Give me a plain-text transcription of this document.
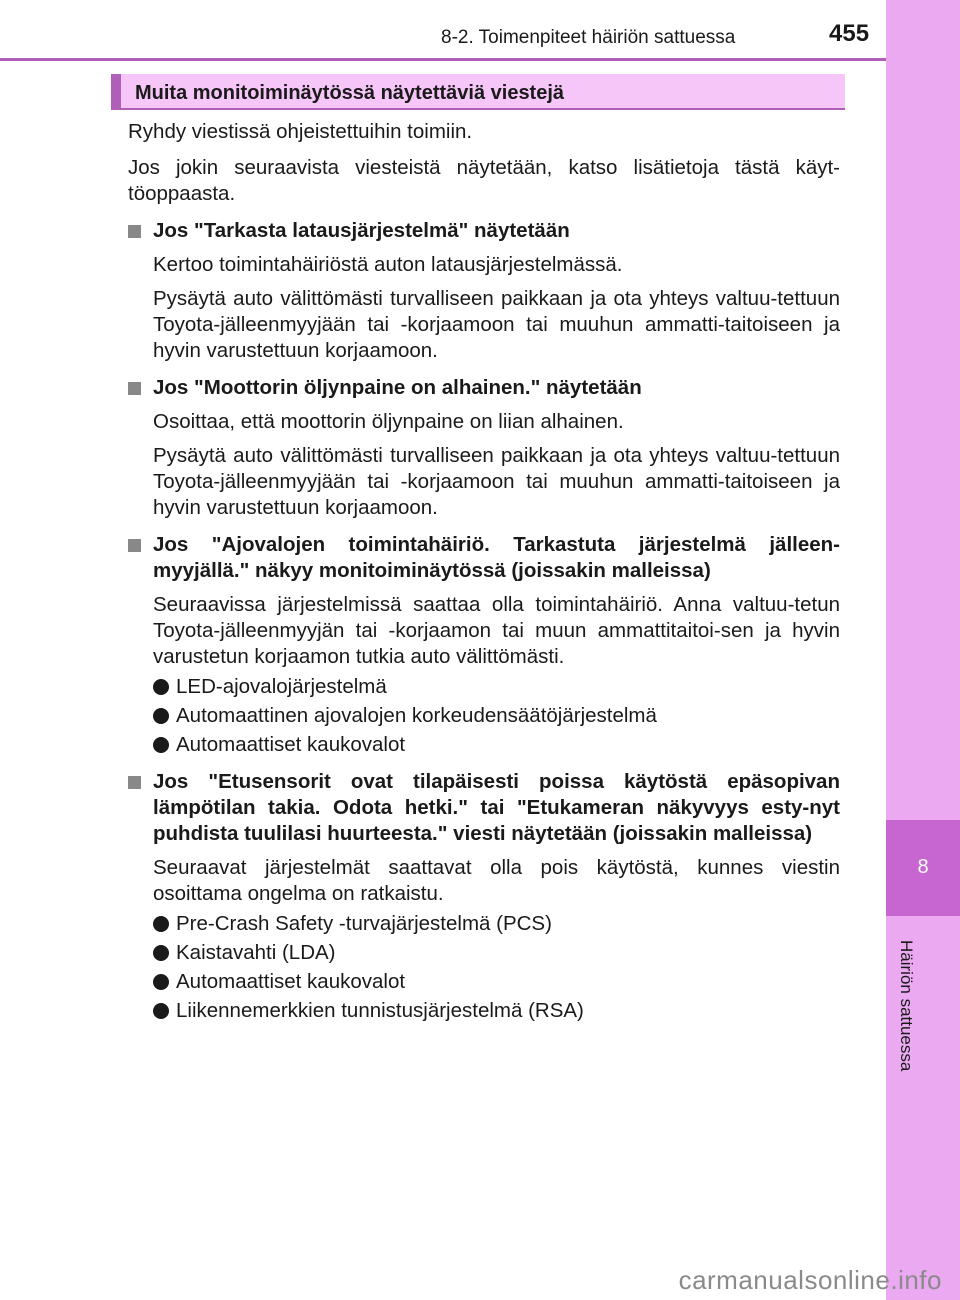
8-2. Toimenpiteet häiriön sattuessa	455
8
Häiriön sattuessa
Muita monitoiminäytössä näytettäviä viestejä

Ryhdy viestissä ohjeistettuihin toimiin.

Jos jokin seuraavista viesteistä näytetään, katso lisätietoja tästä käyt-töoppaasta.

Jos "Tarkasta latausjärjestelmä" näytetään

Kertoo toimintahäiriöstä auton latausjärjestelmässä.

Pysäytä auto välittömästi turvalliseen paikkaan ja ota yhteys valtuu-tettuun Toyota-jälleenmyyjään tai -korjaamoon tai muuhun ammatti-taitoiseen ja hyvin varustettuun korjaamoon.

Jos "Moottorin öljynpaine on alhainen." näytetään

Osoittaa, että moottorin öljynpaine on liian alhainen.

Pysäytä auto välittömästi turvalliseen paikkaan ja ota yhteys valtuu-tettuun Toyota-jälleenmyyjään tai -korjaamoon tai muuhun ammatti-taitoiseen ja hyvin varustettuun korjaamoon.

Jos "Ajovalojen toimintahäiriö. Tarkastuta järjestelmä jälleen-myyjällä." näkyy monitoiminäytössä (joissakin malleissa)

Seuraavissa järjestelmissä saattaa olla toimintahäiriö. Anna valtuu-tetun Toyota-jälleenmyyjän tai -korjaamon tai muun ammattitaitoi-sen ja hyvin varustetun korjaamon tutkia auto välittömästi.

LED-ajovalojärjestelmä
Automaattinen ajovalojen korkeudensäätöjärjestelmä
Automaattiset kaukovalot
Jos "Etusensorit ovat tilapäisesti poissa käytöstä epäsopivan lämpötilan takia. Odota hetki." tai "Etukameran näkyvyys esty-nyt puhdista tuulilasi huurteesta." viesti näytetään (joissakin malleissa)

Seuraavat järjestelmät saattavat olla pois käytöstä, kunnes viestin osoittama ongelma on ratkaistu.

Pre-Crash Safety -turvajärjestelmä (PCS)
Kaistavahti (LDA)
Automaattiset kaukovalot
Liikennemerkkien tunnistusjärjestelmä (RSA)
carmanualsonline.info
